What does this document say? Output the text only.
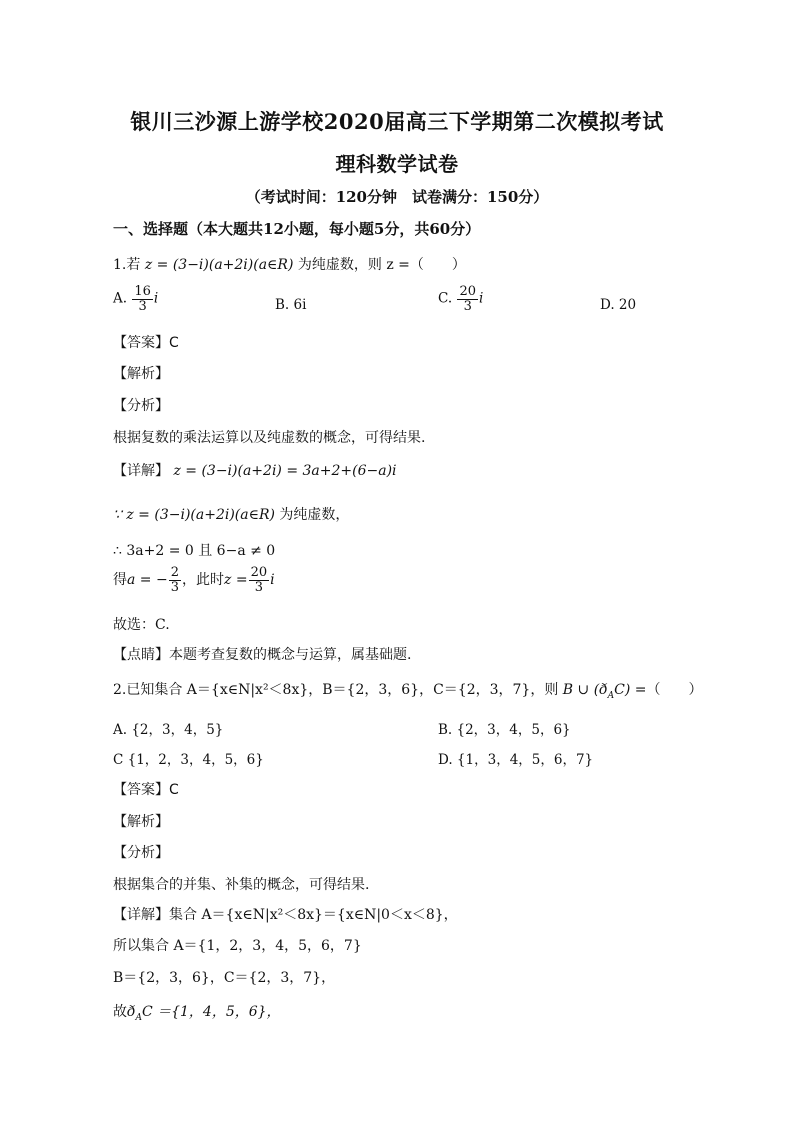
银川三沙源上游学校2020届高三下学期第二次模拟考试
理科数学试卷
（考试时间：120分钟　试卷满分：150分）
一、选择题（本大题共12小题，每小题5分，共60分）
1.若 z = (3−i)(a+2i)(a∈R) 为纯虚数，则 z =（　　）
A. $\frac{16}{3}$ i	B. 6i	C. $\frac{20}{3}$ i	D. 20
【答案】C
【解析】
【分析】
根据复数的乘法运算以及纯虚数的概念，可得结果.
【详解】 z = (3−i)(a+2i) = 3a+2+(6−a)i
∵ z = (3−i)(a+2i)(a∈R) 为纯虚数，
∴ 3a+2 = 0 且 6−a ≠ 0
得a = − $\frac{2}{3}$ ，此时$z = \frac{20}{3}$ i
故选：C.
【点睛】本题考查复数的概念与运算，属基础题.
2.已知集合 A＝{x∈N|x²＜8x}，B＝{2，3，6}，C＝{2，3，7}，则 B ∪ $(ð_AC)$ =（　　）
A. {2，3，4，5}	B. {2，3，4，5，6}
C {1，2，3，4，5，6}	D. {1，3，4，5，6，7}
【答案】C
【解析】
【分析】
根据集合的并集、补集的概念，可得结果.
【详解】集合 A＝{x∈N|x²＜8x}＝{x∈N|0＜x＜8}，
所以集合 A＝{1，2，3，4，5，6，7}
B＝{2，3，6}，C＝{2，3，7}，
故$ð_AC =\{1$，4，5，6}，
